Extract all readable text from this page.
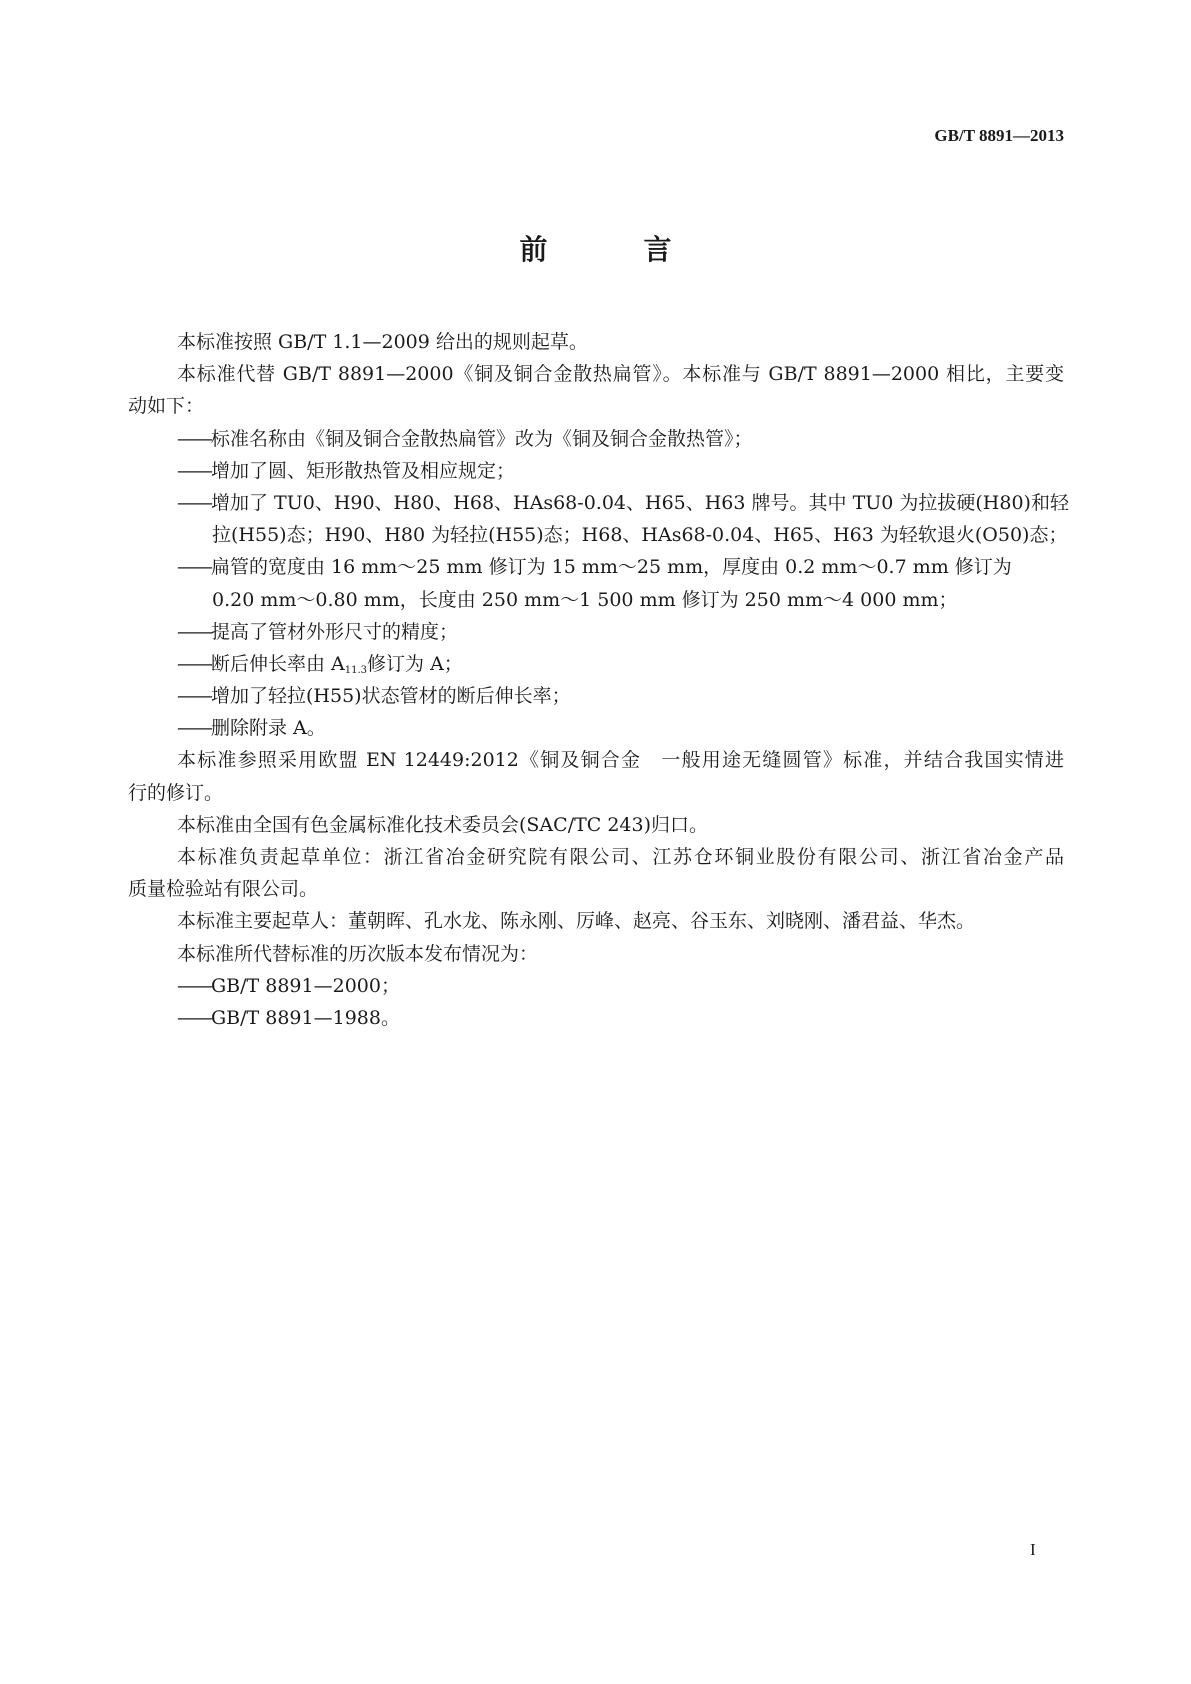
GB/T 8891—2013
前　言
本标准按照 GB/T 1.1—2009 给出的规则起草。
本标准代替 GB/T 8891—2000《铜及铜合金散热扁管》。本标准与 GB/T 8891—2000 相比，主要变
动如下：
——标准名称由《铜及铜合金散热扁管》改为《铜及铜合金散热管》；
——增加了圆、矩形散热管及相应规定；
——增加了 TU0、H90、H80、H68、HAs68-0.04、H65、H63 牌号。其中 TU0 为拉拔硬(H80)和轻
拉(H55)态；H90、H80 为轻拉(H55)态；H68、HAs68-0.04、H65、H63 为轻软退火(O50)态；
——扁管的宽度由 16 mm～25 mm 修订为 15 mm～25 mm，厚度由 0.2 mm～0.7 mm 修订为
0.20 mm～0.80 mm，长度由 250 mm～1 500 mm 修订为 250 mm～4 000 mm；
——提高了管材外形尺寸的精度；
——断后伸长率由 $A_{11.3}$修订为 A；
——增加了轻拉(H55)状态管材的断后伸长率；
——删除附录 A。
本标准参照采用欧盟 EN 12449:2012《铜及铜合金　一般用途无缝圆管》标准，并结合我国实情进
行的修订。
本标准由全国有色金属标准化技术委员会(SAC/TC 243)归口。
本标准负责起草单位：浙江省冶金研究院有限公司、江苏仓环铜业股份有限公司、浙江省冶金产品
质量检验站有限公司。
本标准主要起草人：董朝晖、孔水龙、陈永刚、厉峰、赵亮、谷玉东、刘晓刚、潘君益、华杰。
本标准所代替标准的历次版本发布情况为：
——GB/T 8891—2000；
——GB/T 8891—1988。
I
